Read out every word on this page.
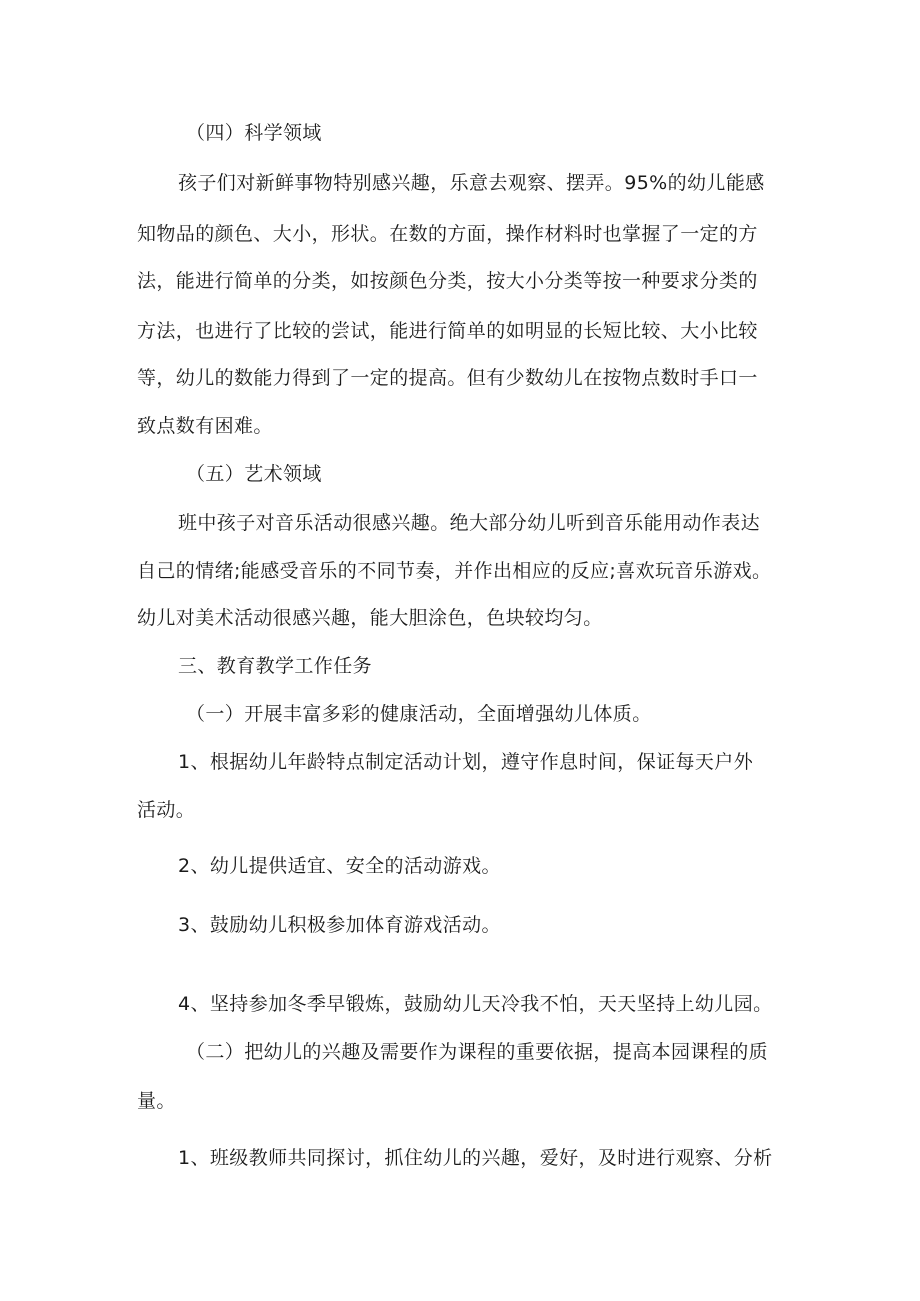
（四）科学领域
孩子们对新鲜事物特别感兴趣，乐意去观察、摆弄。95%的幼儿能感
知物品的颜色、大小，形状。在数的方面，操作材料时也掌握了一定的方
法，能进行简单的分类，如按颜色分类，按大小分类等按一种要求分类的
方法，也进行了比较的尝试，能进行简单的如明显的长短比较、大小比较
等，幼儿的数能力得到了一定的提高。但有少数幼儿在按物点数时手口一
致点数有困难。
（五）艺术领域
班中孩子对音乐活动很感兴趣。绝大部分幼儿听到音乐能用动作表达
自己的情绪;能感受音乐的不同节奏，并作出相应的反应;喜欢玩音乐游戏。
幼儿对美术活动很感兴趣，能大胆涂色，色块较均匀。
三、教育教学工作任务
（一）开展丰富多彩的健康活动，全面增强幼儿体质。
1、根据幼儿年龄特点制定活动计划，遵守作息时间，保证每天户外
活动。
2、幼儿提供适宜、安全的活动游戏。
3、鼓励幼儿积极参加体育游戏活动。
4、坚持参加冬季早锻炼，鼓励幼儿天冷我不怕，天天坚持上幼儿园。
（二）把幼儿的兴趣及需要作为课程的重要依据，提高本园课程的质
量。
1、班级教师共同探讨，抓住幼儿的兴趣，爱好，及时进行观察、分析
